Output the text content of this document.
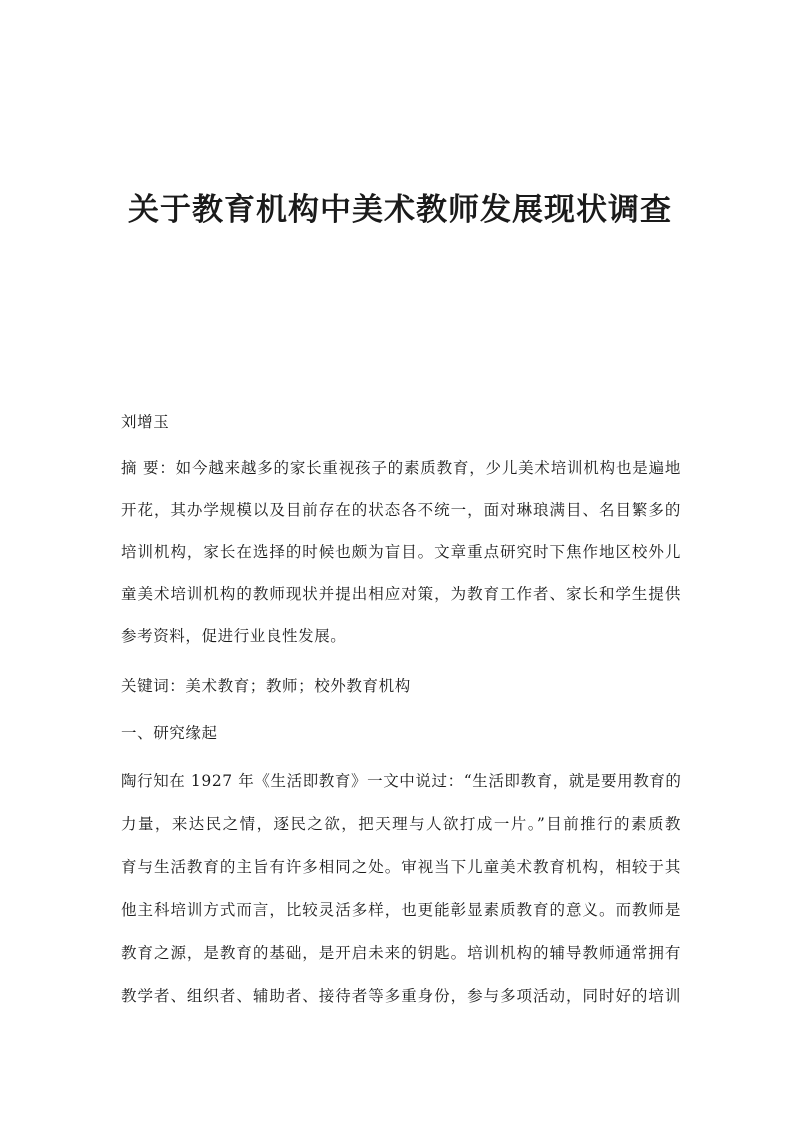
关于教育机构中美术教师发展现状调查
刘增玉
摘 要：如今越来越多的家长重视孩子的素质教育，少儿美术培训机构也是遍地
开花，其办学规模以及目前存在的状态各不统一，面对琳琅满目、名目繁多的
培训机构，家长在选择的时候也颇为盲目。文章重点研究时下焦作地区校外儿
童美术培训机构的教师现状并提出相应对策，为教育工作者、家长和学生提供
参考资料，促进行业良性发展。
关键词：美术教育；教师；校外教育机构
一、研究缘起
陶行知在 1927 年《生活即教育》一文中说过：“生活即教育，就是要用教育的
力量，来达民之情，逐民之欲，把天理与人欲打成一片。”目前推行的素质教
育与生活教育的主旨有许多相同之处。审视当下儿童美术教育机构，相较于其
他主科培训方式而言，比较灵活多样，也更能彰显素质教育的意义。而教师是
教育之源，是教育的基础，是开启未来的钥匙。培训机构的辅导教师通常拥有
教学者、组织者、辅助者、接待者等多重身份，参与多项活动，同时好的培训
